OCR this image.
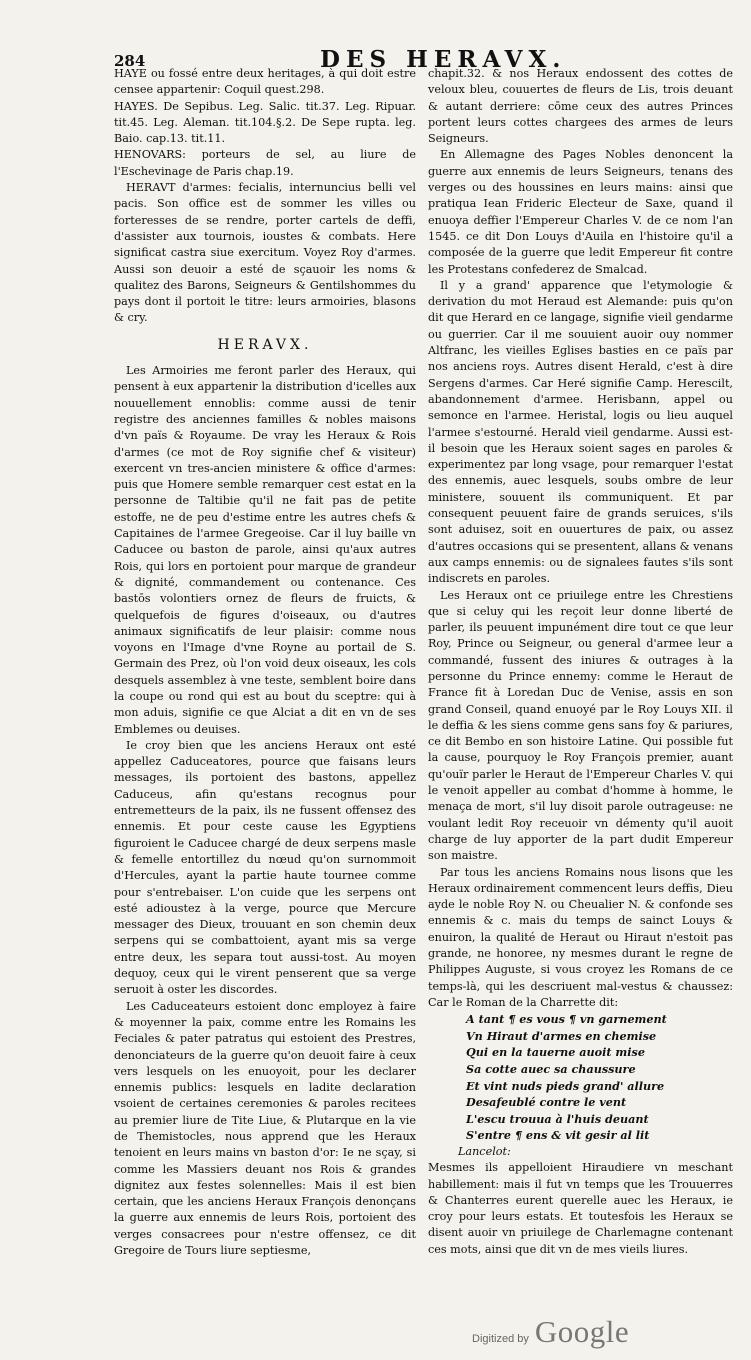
284	DES HERAVX.

HAYE ou fossé entre deux heritages, à qui doit estre censee appartenir: Coquil quest.298.

HAYES. De Sepibus. Leg. Salic. tit.37. Leg. Ripuar. tit.45. Leg. Aleman. tit.104.§.2. De Sepe rupta. leg. Baio. cap.13. tit.11.

HENOVARS: porteurs de sel, au liure de l'Eschevinage de Paris chap.19.

HERAVT d'armes: fecialis, internuncius belli vel pacis. Son office est de sommer les villes ou forteresses de se rendre, porter cartels de deffi, d'assister aux tournois, ioustes & combats. Here significat castra siue exercitum. Voyez Roy d'armes. Aussi son deuoir a esté de sçauoir les noms & qualitez des Barons, Seigneurs & Gentilshommes du pays dont il portoit le titre: leurs armoiries, blasons & cry.

HERAVX.

Les Armoiries me feront parler des Heraux, qui pensent à eux appartenir la distribution d'icelles aux nouuellement ennoblis: comme aussi de tenir registre des anciennes familles & nobles maisons d'vn païs & Royaume. De vray les Heraux & Rois d'armes (ce mot de Roy signifie chef & visiteur) exercent vn tres-ancien ministere & office d'armes: puis que Homere semble remarquer cest estat en la personne de Taltibie qu'il ne fait pas de petite estoffe, ne de peu d'estime entre les autres chefs & Capitaines de l'armee Gregeoise. Car il luy baille vn Caducee ou baston de parole, ainsi qu'aux autres Rois, qui lors en portoient pour marque de grandeur & dignité, commandement ou contenance. Ces bastōs volontiers ornez de fleurs de fruicts, & quelquefois de figures d'oiseaux, ou d'autres animaux significatifs de leur plaisir: comme nous voyons en l'Image d'vne Royne au portail de S. Germain des Prez, où l'on void deux oiseaux, les cols desquels assemblez à vne teste, semblent boire dans la coupe ou rond qui est au bout du sceptre: qui à mon aduis, signifie ce que Alciat a dit en vn de ses Emblemes ou deuises.

Ie croy bien que les anciens Heraux ont esté appellez Caduceatores, pource que faisans leurs messages, ils portoient des bastons, appellez Caduceus, afin qu'estans recognus pour entremetteurs de la paix, ils ne fussent offensez des ennemis. Et pour ceste cause les Egyptiens figuroient le Caducee chargé de deux serpens masle & femelle entortillez du nœud qu'on surnommoit d'Hercules, ayant la partie haute tournee comme pour s'entrebaiser. L'on cuide que les serpens ont esté adioustez à la verge, pource que Mercure messager des Dieux, trouuant en son chemin deux serpens qui se combattoient, ayant mis sa verge entre deux, les separa tout aussi-tost. Au moyen dequoy, ceux qui le virent penserent que sa verge seruoit à oster les discordes.

Les Caduceateurs estoient donc employez à faire & moyenner la paix, comme entre les Romains les Feciales & pater patratus qui estoient des Prestres, denonciateurs de la guerre qu'on deuoit faire à ceux vers lesquels on les enuoyoit, pour les declarer ennemis publics: lesquels en ladite declaration vsoient de certaines ceremonies & paroles recitees au premier liure de Tite Liue, & Plutarque en la vie de Themistocles, nous apprend que les Heraux tenoient en leurs mains vn baston d'or: Ie ne sçay, si comme les Massiers deuant nos Rois & grandes dignitez aux festes solennelles: Mais il est bien certain, que les anciens Heraux François denonçans la guerre aux ennemis de leurs Rois, portoient des verges consacrees pour n'estre offensez, ce dit Gregoire de Tours liure septiesme,

chapit.32. & nos Heraux endossent des cottes de veloux bleu, couuertes de fleurs de Lis, trois deuant & autant derriere: cōme ceux des autres Princes portent leurs cottes chargees des armes de leurs Seigneurs.

En Allemagne des Pages Nobles denoncent la guerre aux ennemis de leurs Seigneurs, tenans des verges ou des houssines en leurs mains: ainsi que pratiqua Iean Frideric Electeur de Saxe, quand il enuoya deffier l'Empereur Charles V. de ce nom l'an 1545. ce dit Don Louys d'Auila en l'histoire qu'il a composée de la guerre que ledit Empereur fit contre les Protestans confederez de Smalcad.

Il y a grand' apparence que l'etymologie & derivation du mot Heraud est Alemande: puis qu'on dit que Herard en ce langage, signifie vieil gendarme ou guerrier. Car il me souuient auoir ouy nommer Altfranc, les vieilles Eglises basties en ce païs par nos anciens roys. Autres disent Herald, c'est à dire Sergens d'armes. Car Heré signifie Camp. Herescilt, abandonnement d'armee. Herisbann, appel ou semonce en l'armee. Heristal, logis ou lieu auquel l'armee s'estourné. Herald vieil gendarme. Aussi est-il besoin que les Heraux soient sages en paroles & experimentez par long vsage, pour remarquer l'estat des ennemis, auec lesquels, soubs ombre de leur ministere, souuent ils communiquent. Et par consequent peuuent faire de grands seruices, s'ils sont aduisez, soit en ouuertures de paix, ou assez d'autres occasions qui se presentent, allans & venans aux camps ennemis: ou de signalees fautes s'ils sont indiscrets en paroles.

Les Heraux ont ce priuilege entre les Chrestiens que si celuy qui les reçoit leur donne liberté de parler, ils peuuent impunément dire tout ce que leur Roy, Prince ou Seigneur, ou general d'armee leur a commandé, fussent des iniures & outrages à la personne du Prince ennemy: comme le Heraut de France fit à Loredan Duc de Venise, assis en son grand Conseil, quand enuoyé par le Roy Louys XII. il le deffia & les siens comme gens sans foy & pariures, ce dit Bembo en son histoire Latine. Qui possible fut la cause, pourquoy le Roy François premier, auant qu'ouïr parler le Heraut de l'Empereur Charles V. qui le venoit appeller au combat d'homme à homme, le menaça de mort, s'il luy disoit parole outrageuse: ne voulant ledit Roy receuoir vn démenty qu'il auoit charge de luy apporter de la part dudit Empereur son maistre.

Par tous les anciens Romains nous lisons que les Heraux ordinairement commencent leurs deffis, Dieu ayde le noble Roy N. ou Cheualier N. & confonde ses ennemis & c. mais du temps de sainct Louys & enuiron, la qualité de Heraut ou Hiraut n'estoit pas grande, ne honoree, ny mesmes durant le regne de Philippes Auguste, si vous croyez les Romans de ce temps-là, qui les descriuent mal-vestus & chaussez: Car le Roman de la Charrette dit:

A tant ¶ es vous ¶ vn garnement

Vn Hiraut d'armes en chemise

Qui en la tauerne auoit mise

Sa cotte auec sa chaussure

Et vint nuds pieds grand' allure

Desafeublé contre le vent

L'escu trouua à l'huis deuant

S'entre ¶ ens & vit gesir al lit

Lancelot:

Mesmes ils appelloient Hiraudiere vn meschant habillement: mais il fut vn temps que les Trouuerres & Chanterres eurent querelle auec les Heraux, ie croy pour leurs estats. Et toutesfois les Heraux se disent auoir vn priuilege de Charlemagne contenant ces mots, ainsi que dit vn de mes vieils liures.

Digitized by Google
